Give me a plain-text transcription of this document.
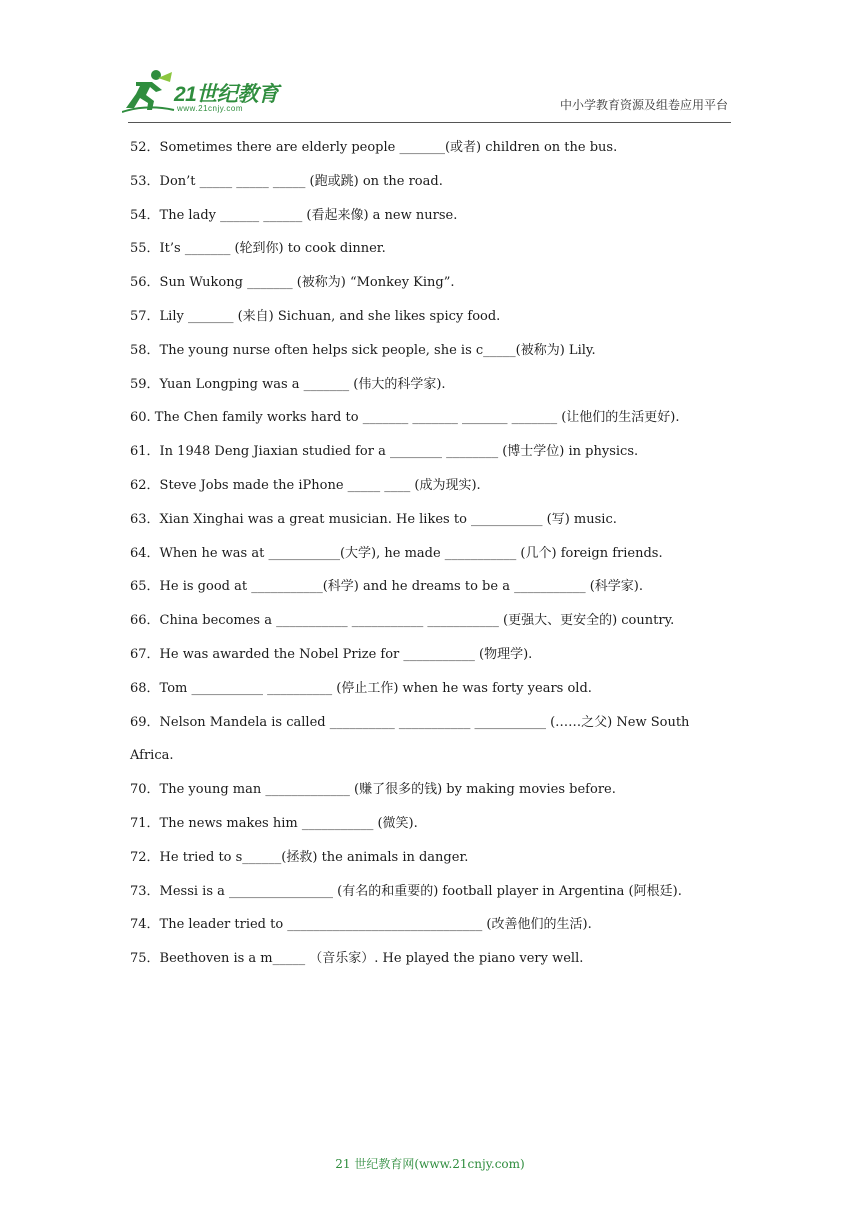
21世纪教育
www.21cnjy.com	中小学教育资源及组卷应用平台
52．Sometimes there are elderly people _______(或者) children on the bus.
53．Don’t _____ _____ _____ (跑或跳) on the road.
54．The lady ______ ______ (看起来像) a new nurse.
55．It’s _______ (轮到你) to cook dinner.
56．Sun Wukong _______ (被称为) “Monkey King”.
57．Lily _______ (来自) Sichuan, and she likes spicy food.
58．The young nurse often helps sick people, she is c_____(被称为) Lily.
59．Yuan Longping was a _______ (伟大的科学家).
60. The Chen family works hard to _______ _______ _______ _______ (让他们的生活更好).
61．In 1948 Deng Jiaxian studied for a ________ ________ (博士学位) in physics.
62．Steve Jobs made the iPhone _____ ____ (成为现实).
63．Xian Xinghai was a great musician. He likes to ___________ (写) music.
64．When he was at ___________(大学), he made ___________ (几个) foreign friends.
65．He is good at ___________(科学) and he dreams to be a ___________ (科学家).
66．China becomes a ___________ ___________ ___________ (更强大、更安全的) country.
67．He was awarded the Nobel Prize for ___________ (物理学).
68．Tom ___________ __________ (停止工作) when he was forty years old.
69．Nelson Mandela is called __________ ___________ ___________ (……之父) New South
Africa.
70．The young man _____________ (赚了很多的钱) by making movies before.
71．The news makes him ___________ (微笑).
72．He tried to s______(拯救) the animals in danger.
73．Messi is a ________________ (有名的和重要的) football player in Argentina (阿根廷).
74．The leader tried to ______________________________ (改善他们的生活).
75．Beethoven is a m_____ （音乐家）. He played the piano very well.
21 世纪教育网(www.21cnjy.com)
